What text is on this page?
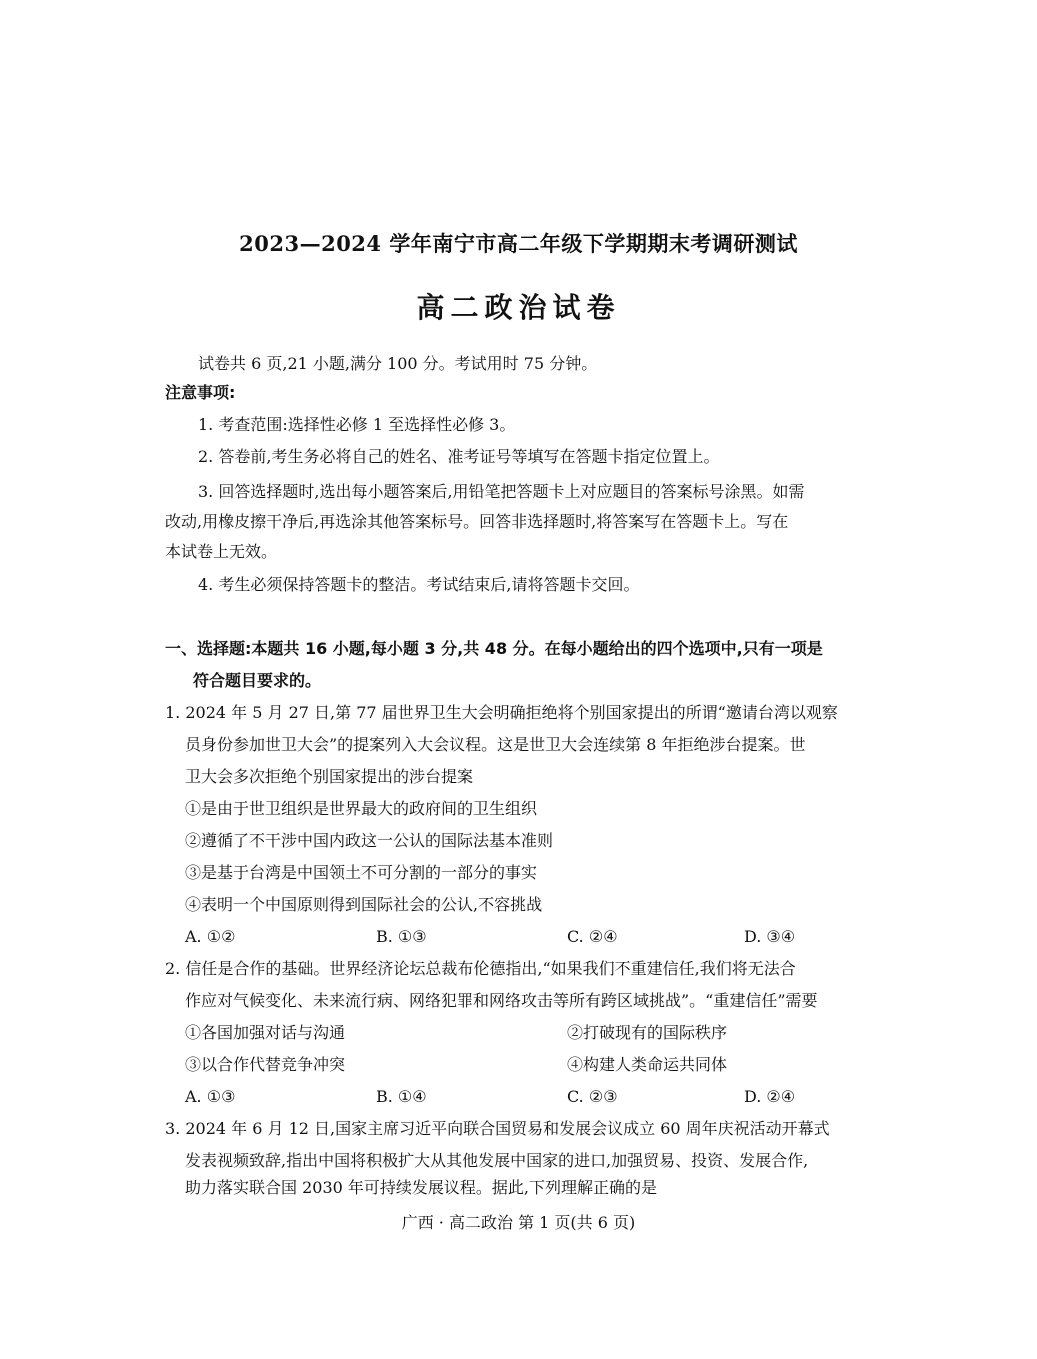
2023—2024 学年南宁市高二年级下学期期末考调研测试
高二政治试卷
试卷共 6 页,21 小题,满分 100 分。考试用时 75 分钟。
注意事项:
1. 考查范围:选择性必修 1 至选择性必修 3。
2. 答卷前,考生务必将自己的姓名、准考证号等填写在答题卡指定位置上。
3. 回答选择题时,选出每小题答案后,用铅笔把答题卡上对应题目的答案标号涂黑。如需
改动,用橡皮擦干净后,再选涂其他答案标号。回答非选择题时,将答案写在答题卡上。写在
本试卷上无效。
4. 考生必须保持答题卡的整洁。考试结束后,请将答题卡交回。
一、选择题:本题共 16 小题,每小题 3 分,共 48 分。在每小题给出的四个选项中,只有一项是
符合题目要求的。
1. 2024 年 5 月 27 日,第 77 届世界卫生大会明确拒绝将个别国家提出的所谓“邀请台湾以观察
员身份参加世卫大会”的提案列入大会议程。这是世卫大会连续第 8 年拒绝涉台提案。世
卫大会多次拒绝个别国家提出的涉台提案
①是由于世卫组织是世界最大的政府间的卫生组织
②遵循了不干涉中国内政这一公认的国际法基本准则
③是基于台湾是中国领土不可分割的一部分的事实
④表明一个中国原则得到国际社会的公认,不容挑战
A. ①②	B. ①③	C. ②④	D. ③④
2. 信任是合作的基础。世界经济论坛总裁布伦德指出,“如果我们不重建信任,我们将无法合
作应对气候变化、未来流行病、网络犯罪和网络攻击等所有跨区域挑战”。“重建信任”需要
①各国加强对话与沟通	②打破现有的国际秩序
③以合作代替竞争冲突	④构建人类命运共同体
A. ①③	B. ①④	C. ②③	D. ②④
3. 2024 年 6 月 12 日,国家主席习近平向联合国贸易和发展会议成立 60 周年庆祝活动开幕式
发表视频致辞,指出中国将积极扩大从其他发展中国家的进口,加强贸易、投资、发展合作,
助力落实联合国 2030 年可持续发展议程。据此,下列理解正确的是
广西 · 高二政治 第 1 页(共 6 页)
